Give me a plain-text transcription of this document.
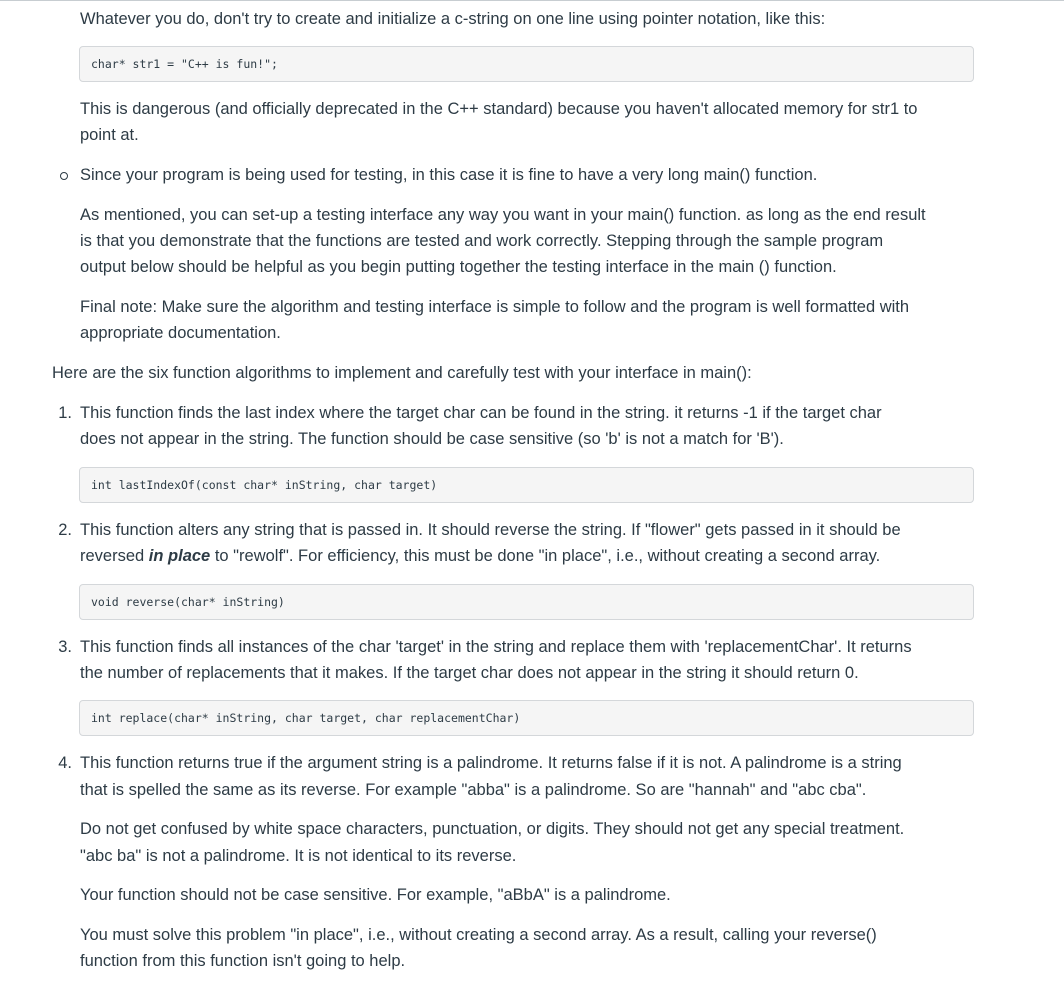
Whatever you do, don't try to create and initialize a c-string on one line using pointer notation, like this:

char* str1 = "C++ is fun!";

This is dangerous (and officially deprecated in the C++ standard) because you haven't allocated memory for str1 to

point at.

Since your program is being used for testing, in this case it is fine to have a very long main() function.

As mentioned, you can set-up a testing interface any way you want in your main() function. as long as the end result

is that you demonstrate that the functions are tested and work correctly. Stepping through the sample program

output below should be helpful as you begin putting together the testing interface in the main () function.

Final note: Make sure the algorithm and testing interface is simple to follow and the program is well formatted with

appropriate documentation.

Here are the six function algorithms to implement and carefully test with your interface in main():

1. This function finds the last index where the target char can be found in the string. it returns -1 if the target char

does not appear in the string. The function should be case sensitive (so 'b' is not a match for 'B').

int lastIndexOf(const char* inString, char target)
2. This function alters any string that is passed in. It should reverse the string. If "flower" gets passed in it should be

reversed in place to "rewolf". For efficiency, this must be done "in place", i.e., without creating a second array.

void reverse(char* inString)
3. This function finds all instances of the char 'target' in the string and replace them with 'replacementChar'. It returns

the number of replacements that it makes. If the target char does not appear in the string it should return 0.

int replace(char* inString, char target, char replacementChar)
4. This function returns true if the argument string is a palindrome. It returns false if it is not. A palindrome is a string

that is spelled the same as its reverse. For example "abba" is a palindrome. So are "hannah" and "abc cba".

Do not get confused by white space characters, punctuation, or digits. They should not get any special treatment.

"abc ba" is not a palindrome. It is not identical to its reverse.

Your function should not be case sensitive. For example, "aBbA" is a palindrome.

You must solve this problem "in place", i.e., without creating a second array. As a result, calling your reverse()

function from this function isn't going to help.
